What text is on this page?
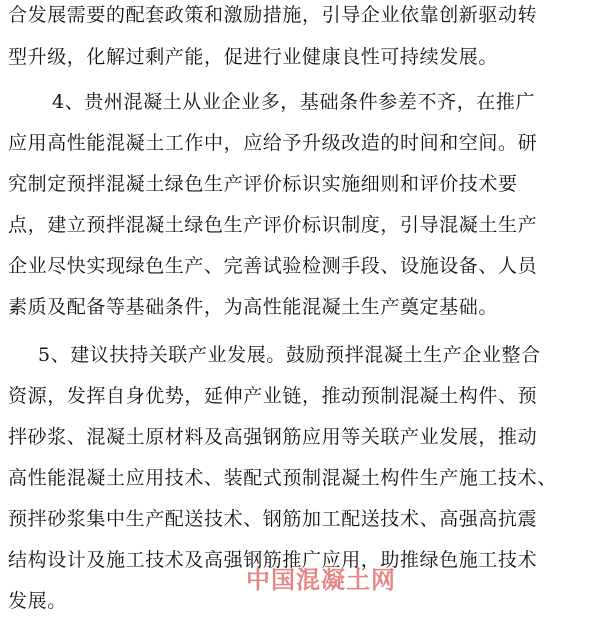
合发展需要的配套政策和激励措施，引导企业依靠创新驱动转
型升级，化解过剩产能，促进行业健康良性可持续发展。
4、贵州混凝土从业企业多，基础条件参差不齐，在推广
应用高性能混凝土工作中，应给予升级改造的时间和空间。研
究制定预拌混凝土绿色生产评价标识实施细则和评价技术要
点，建立预拌混凝土绿色生产评价标识制度，引导混凝土生产
企业尽快实现绿色生产、完善试验检测手段、设施设备、人员
素质及配备等基础条件，为高性能混凝土生产奠定基础。
5、建议扶持关联产业发展。鼓励预拌混凝土生产企业整合
资源，发挥自身优势，延伸产业链，推动预制混凝土构件、预
拌砂浆、混凝土原材料及高强钢筋应用等关联产业发展，推动
高性能混凝土应用技术、装配式预制混凝土构件生产施工技术、
预拌砂浆集中生产配送技术、钢筋加工配送技术、高强高抗震
结构设计及施工技术及高强钢筋推广应用，助推绿色施工技术
发展。
中国混凝土网
